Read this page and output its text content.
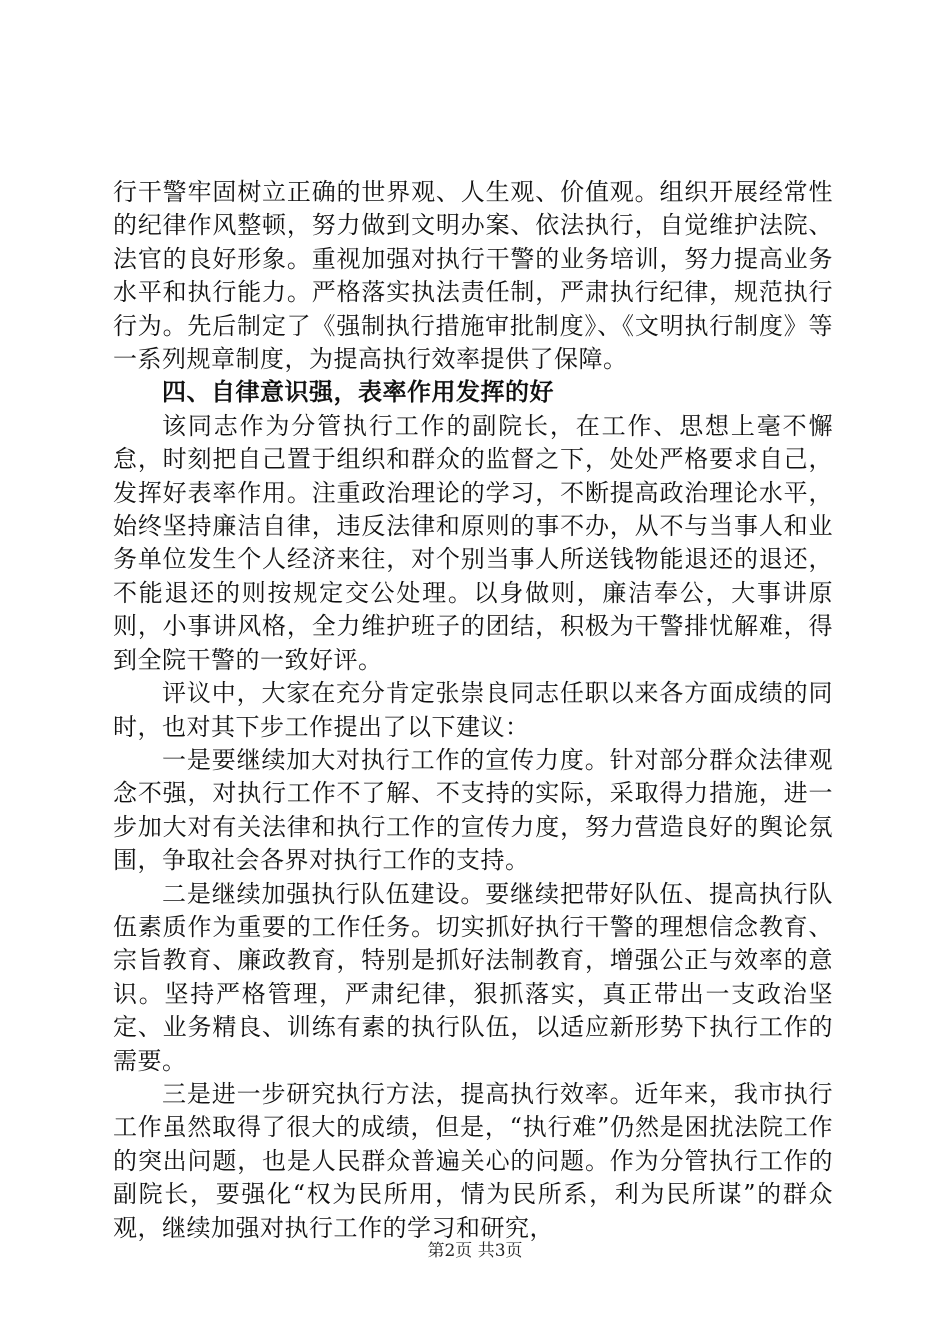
行干警牢固树立正确的世界观、人生观、价值观。组织开展经常性的纪律作风整顿，努力做到文明办案、依法执行，自觉维护法院、法官的良好形象。重视加强对执行干警的业务培训，努力提高业务水平和执行能力。严格落实执法责任制，严肃执行纪律，规范执行行为。先后制定了《强制执行措施审批制度》、《文明执行制度》等一系列规章制度，为提高执行效率提供了保障。

四、自律意识强，表率作用发挥的好

该同志作为分管执行工作的副院长，在工作、思想上毫不懈怠，时刻把自己置于组织和群众的监督之下，处处严格要求自己，发挥好表率作用。注重政治理论的学习，不断提高政治理论水平，始终坚持廉洁自律，违反法律和原则的事不办，从不与当事人和业务单位发生个人经济来往，对个别当事人所送钱物能退还的退还，不能退还的则按规定交公处理。以身做则，廉洁奉公，大事讲原则，小事讲风格，全力维护班子的团结，积极为干警排忧解难，得到全院干警的一致好评。

评议中，大家在充分肯定张崇良同志任职以来各方面成绩的同时，也对其下步工作提出了以下建议：

一是要继续加大对执行工作的宣传力度。针对部分群众法律观念不强，对执行工作不了解、不支持的实际，采取得力措施，进一步加大对有关法律和执行工作的宣传力度，努力营造良好的舆论氛围，争取社会各界对执行工作的支持。

二是继续加强执行队伍建设。要继续把带好队伍、提高执行队伍素质作为重要的工作任务。切实抓好执行干警的理想信念教育、宗旨教育、廉政教育，特别是抓好法制教育，增强公正与效率的意识。坚持严格管理，严肃纪律，狠抓落实，真正带出一支政治坚定、业务精良、训练有素的执行队伍，以适应新形势下执行工作的需要。

三是进一步研究执行方法，提高执行效率。近年来，我市执行工作虽然取得了很大的成绩，但是，“执行难”仍然是困扰法院工作的突出问题，也是人民群众普遍关心的问题。作为分管执行工作的副院长，要强化“权为民所用，情为民所系，利为民所谋”的群众观，继续加强对执行工作的学习和研究，

第2页 共3页
